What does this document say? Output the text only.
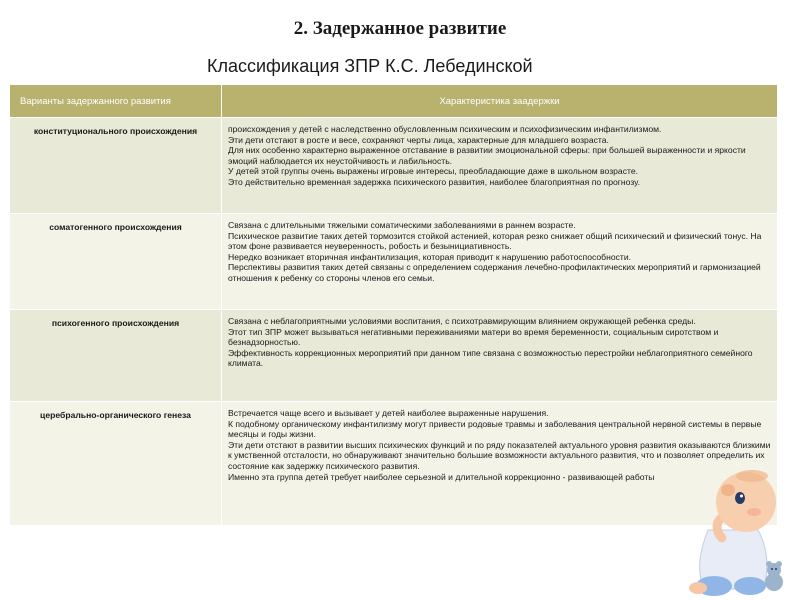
2. Задержанное развитие
Классификация ЗПР К.С. Лебединской
Варианты задержанного развития	Характеристика заадержки
конституционального происхождения	происхождения у детей с наследственно обусловленным психическим и психофизическим инфантилизмом.
Эти дети отстают в росте и весе, сохраняют черты лица, характерные для младшего возраста.
Для них особенно характерно выраженное отставание в развитии эмоциональной сферы: при большей выраженности и яркости эмоций наблюдается их неустойчивость и лабильность.
У детей этой группы очень выражены игровые интересы, преобладающие даже в школьном возрасте.
Это действительно временная задержка психического развития, наиболее благоприятная по прогнозу.

соматогенного происхождения	Связана с длительными тяжелыми соматическими заболеваниями в раннем возрасте.
Психическое развитие таких детей тормозится стойкой астенией, которая резко снижает общий психический и физический тонус. На этом фоне развивается неуверенность, робость и безынициативность.
Нередко возникает вторичная инфантилизация, которая приводит к нарушению работоспособности.
Перспективы развития таких детей связаны с определением содержания лечебно-профилактических мероприятий и гармонизацией отношения к ребенку со стороны членов его семьи.

психогенного происхождения	Связана с неблагоприятными условиями воспитания, с психотравмирующим влиянием окружающей ребенка среды.
Этот тип ЗПР может вызываться негативными переживаниями матери во время беременности, социальным сиротством и безнадзорностью.
Эффективность коррекционных мероприятий при данном типе связана с возможностью перестройки неблагоприятного семейного климата.

церебрально-органического генеза	Встречается чаще всего и вызывает у детей наиболее выраженные нарушения.
К подобному органическому инфантилизму могут привести родовые травмы и заболевания центральной нервной системы в первые месяцы и годы жизни.
Эти дети отстают в развитии высших психических функций и по ряду показателей актуального уровня развития оказываются близкими к умственной отсталости, но обнаруживают значительно большие возможности актуального развития, что и позволяет определить их состояние как задержку психического развития.
Именно эта группа детей требует наиболее серьезной и длительной коррекционно - развивающей работы
